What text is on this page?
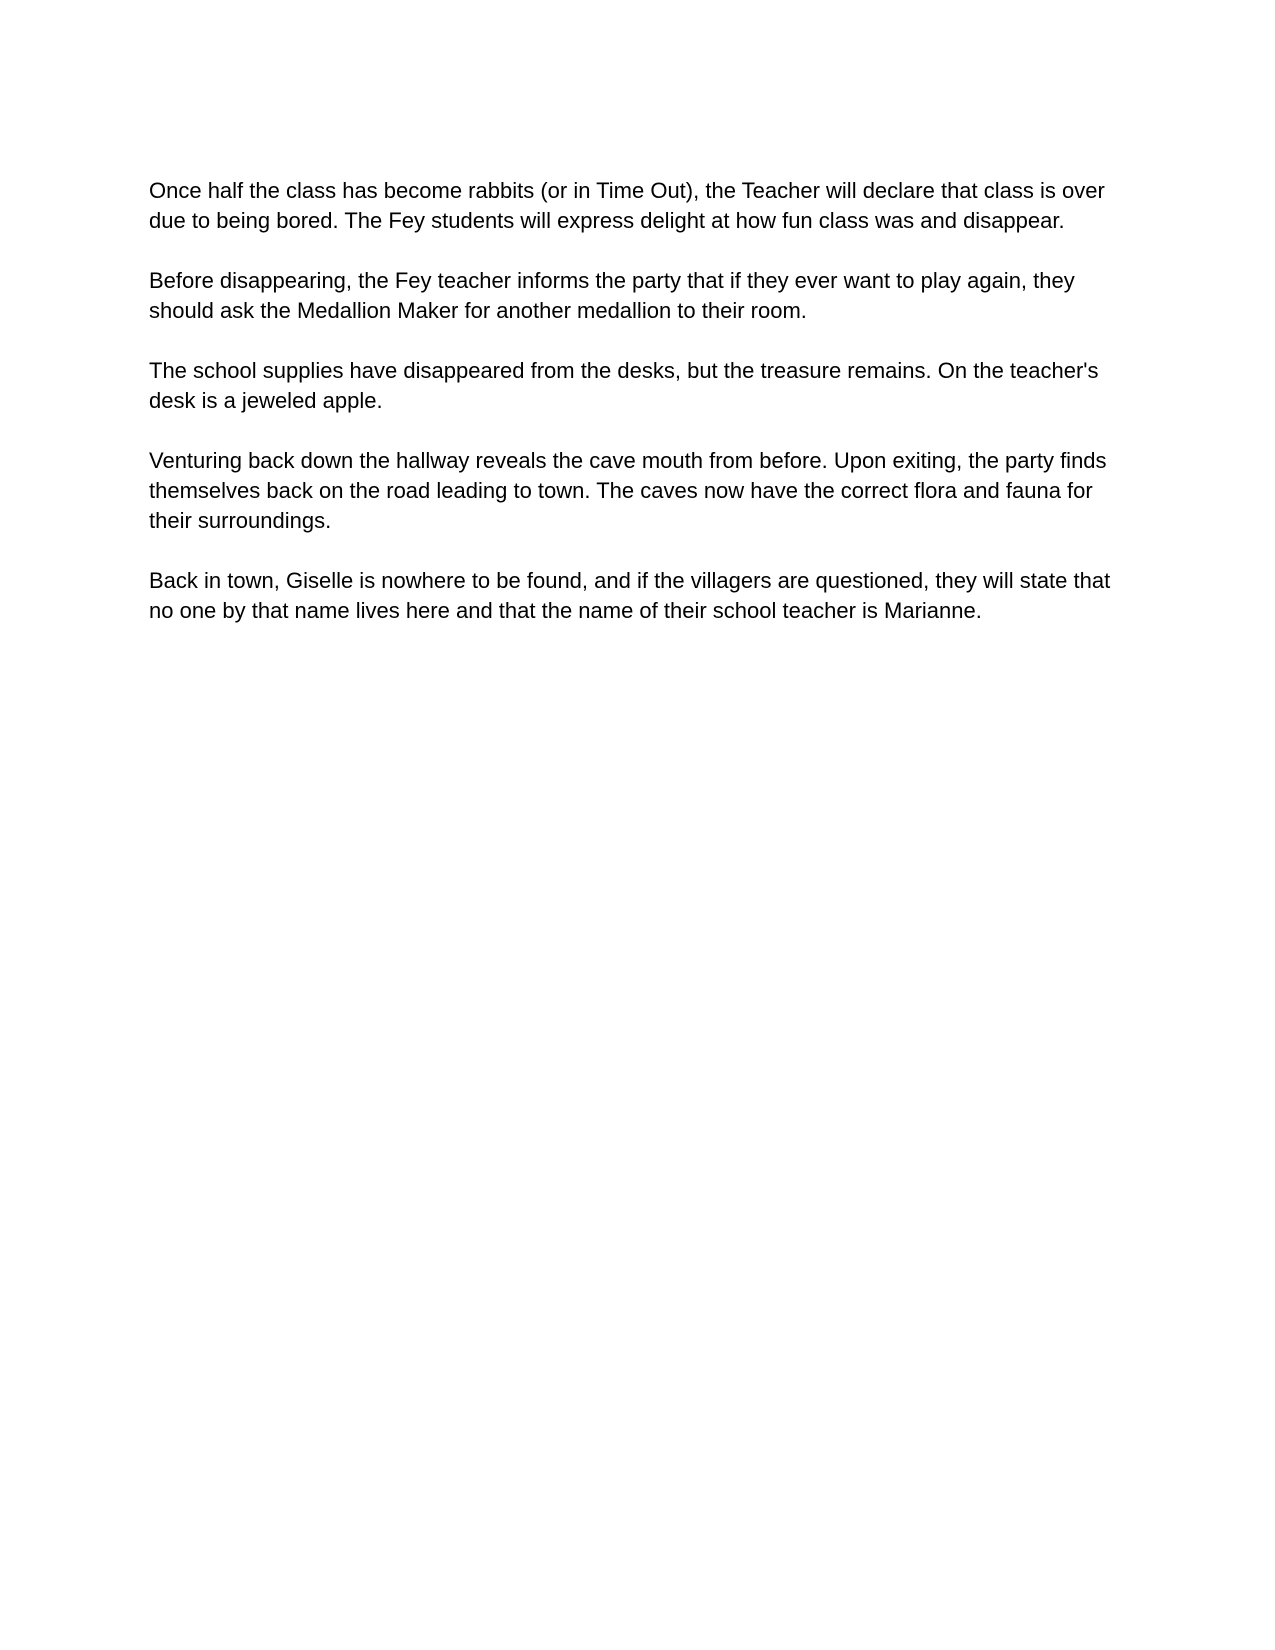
Once half the class has become rabbits (or in Time Out), the Teacher will declare that class is over due to being bored. The Fey students will express delight at how fun class was and disappear.

Before disappearing, the Fey teacher informs the party that if they ever want to play again, they should ask the Medallion Maker for another medallion to their room.

The school supplies have disappeared from the desks, but the treasure remains. On the teacher's desk is a jeweled apple.

Venturing back down the hallway reveals the cave mouth from before. Upon exiting, the party finds themselves back on the road leading to town. The caves now have the correct flora and fauna for their surroundings.

Back in town, Giselle is nowhere to be found, and if the villagers are questioned, they will state that no one by that name lives here and that the name of their school teacher is Marianne.
